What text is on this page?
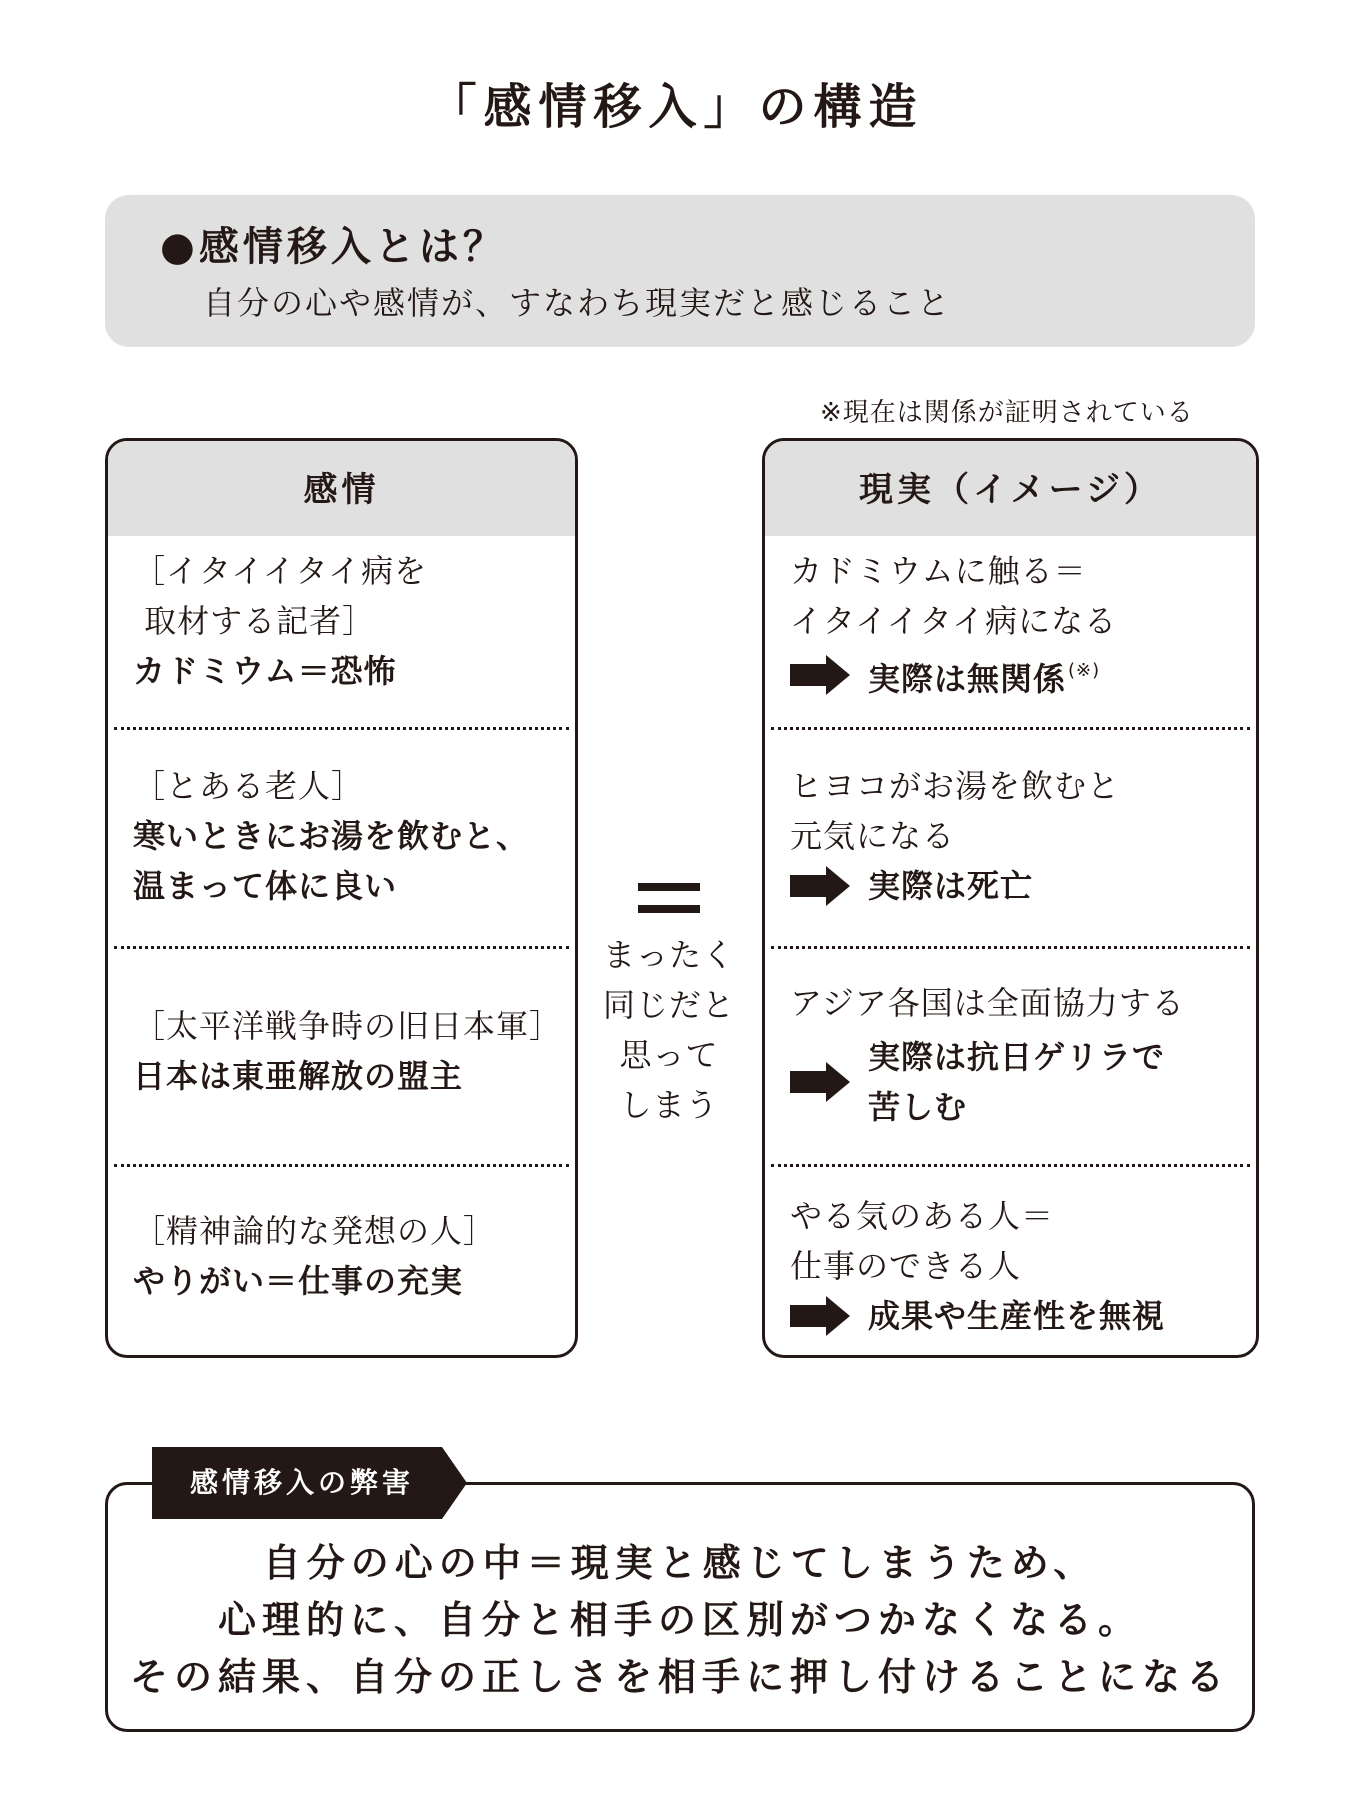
「感情移入」の構造
●感情移入とは？
自分の心や感情が、すなわち現実だと感じること
※現在は関係が証明されている
感情
［イタイイタイ病を
取材する記者］
カドミウム＝恐怖
［とある老人］
寒いときにお湯を飲むと、
温まって体に良い
［太平洋戦争時の旧日本軍］
日本は東亜解放の盟主
［精神論的な発想の人］
やりがい＝仕事の充実
まったく
同じだと
思って
しまう
現実（イメージ）
カドミウムに触る＝
イタイイタイ病になる
実際は無関係 (※)
ヒヨコがお湯を飲むと
元気になる
実際は死亡
アジア各国は全面協力する
実際は抗日ゲリラで
苦しむ
やる気のある人＝
仕事のできる人
成果や生産性を無視
感情移入の弊害
自分の心の中＝現実と感じてしまうため、
心理的に、自分と相手の区別がつかなくなる。
その結果、自分の正しさを相手に押し付けることになる
